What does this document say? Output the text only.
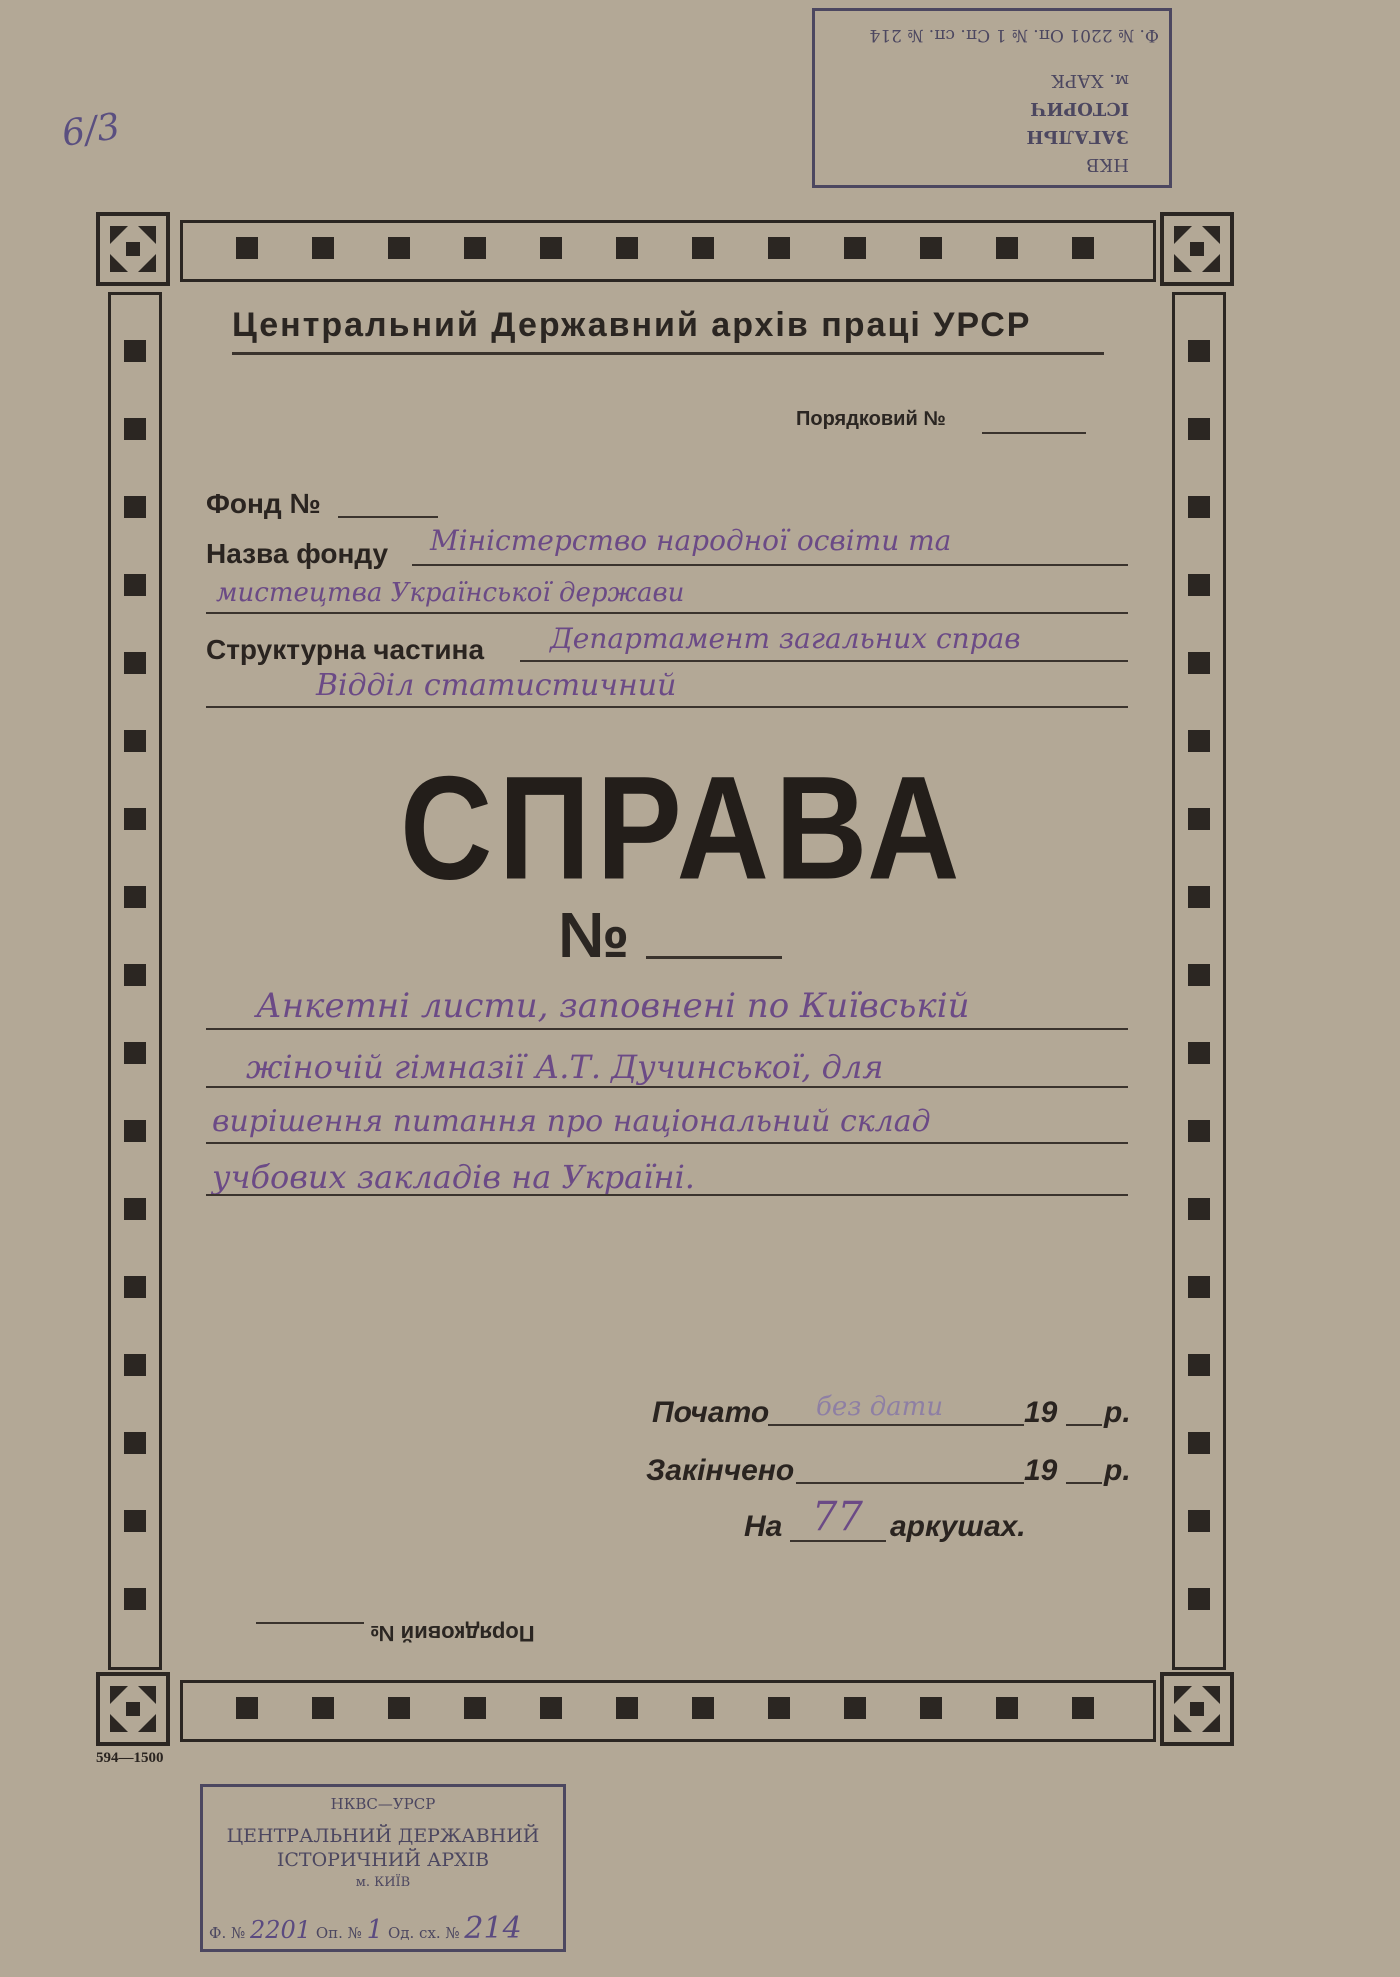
6/3
НКВ
ЗАГАЛЬН
ІСТОРИЧ
м. ХАРК
Ф. № 2201 Оп. № 1 Сп. сп. № 214
Центральний Державний архів праці УРСР
Порядковий №
Фонд №
Назва фонду Міністерство народної освіти та
мистецтва Української держави
Структурна частина Департамент загальних справ
Відділ статистичний
СПРАВА
№
Анкетні листи, заповнені по Київській
жіночій гімназії А.Т. Дучинської, для
вирішення питання про національний склад
учбових закладів на Україні.
Почато без дати	19 р.
Закінчено	19 р.
На 77 аркушах.
Порядковий №
594—1500
НКВС—УРСР
ЦЕНТРАЛЬНИЙ ДЕРЖАВНИЙ
ІСТОРИЧНИЙ АРХІВ
м. КИЇВ
Ф. № 2201 Оп. № 1 Од. сх. № 214
